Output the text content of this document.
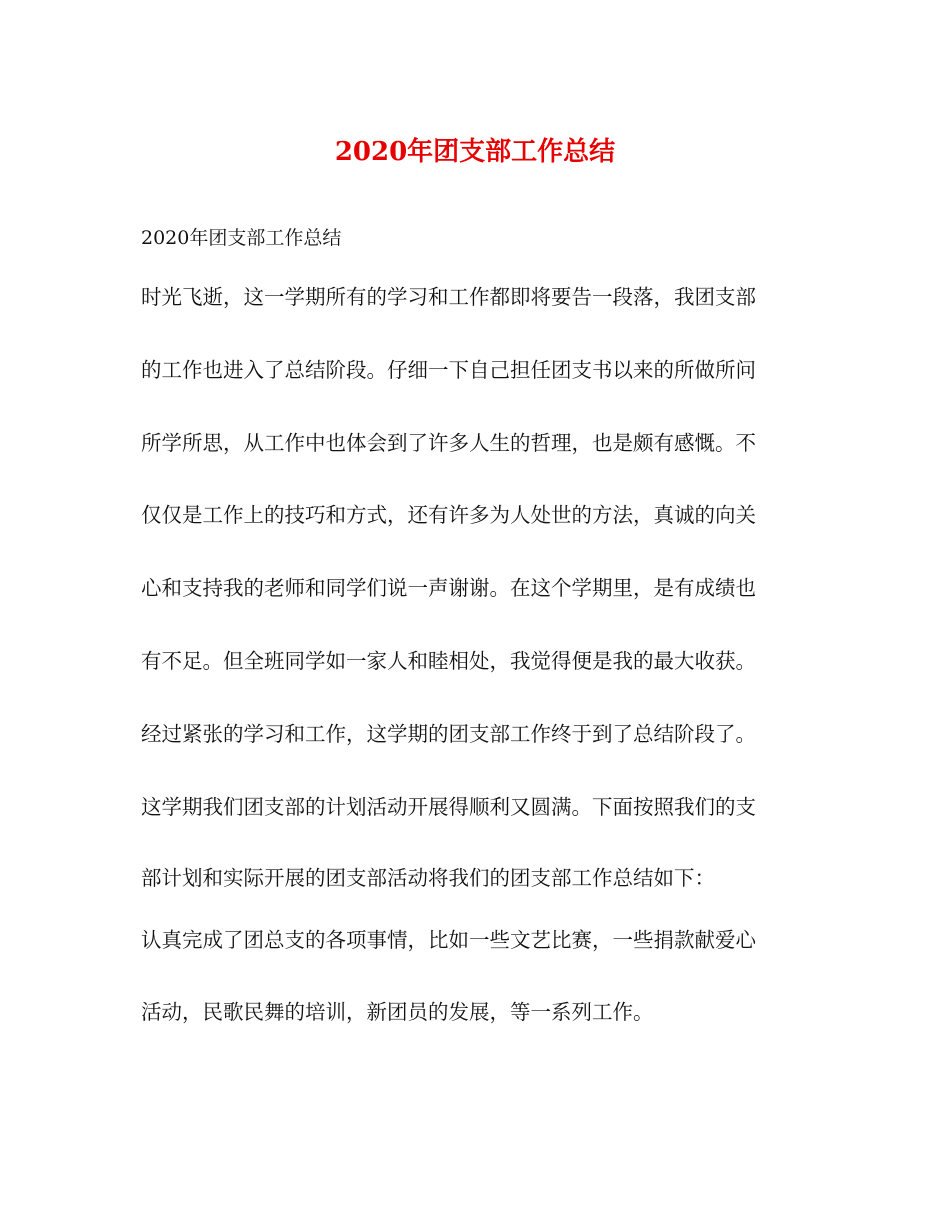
2020年团支部工作总结
2020年团支部工作总结
时光飞逝，这一学期所有的学习和工作都即将要告一段落，我团支部
的工作也进入了总结阶段。仔细一下自己担任团支书以来的所做所问
所学所思，从工作中也体会到了许多人生的哲理，也是颇有感慨。不
仅仅是工作上的技巧和方式，还有许多为人处世的方法，真诚的向关
心和支持我的老师和同学们说一声谢谢。在这个学期里，是有成绩也
有不足。但全班同学如一家人和睦相处，我觉得便是我的最大收获。
经过紧张的学习和工作，这学期的团支部工作终于到了总结阶段了。
这学期我们团支部的计划活动开展得顺利又圆满。下面按照我们的支
部计划和实际开展的团支部活动将我们的团支部工作总结如下：
认真完成了团总支的各项事情，比如一些文艺比赛，一些捐款献爱心
活动，民歌民舞的培训，新团员的发展，等一系列工作。
